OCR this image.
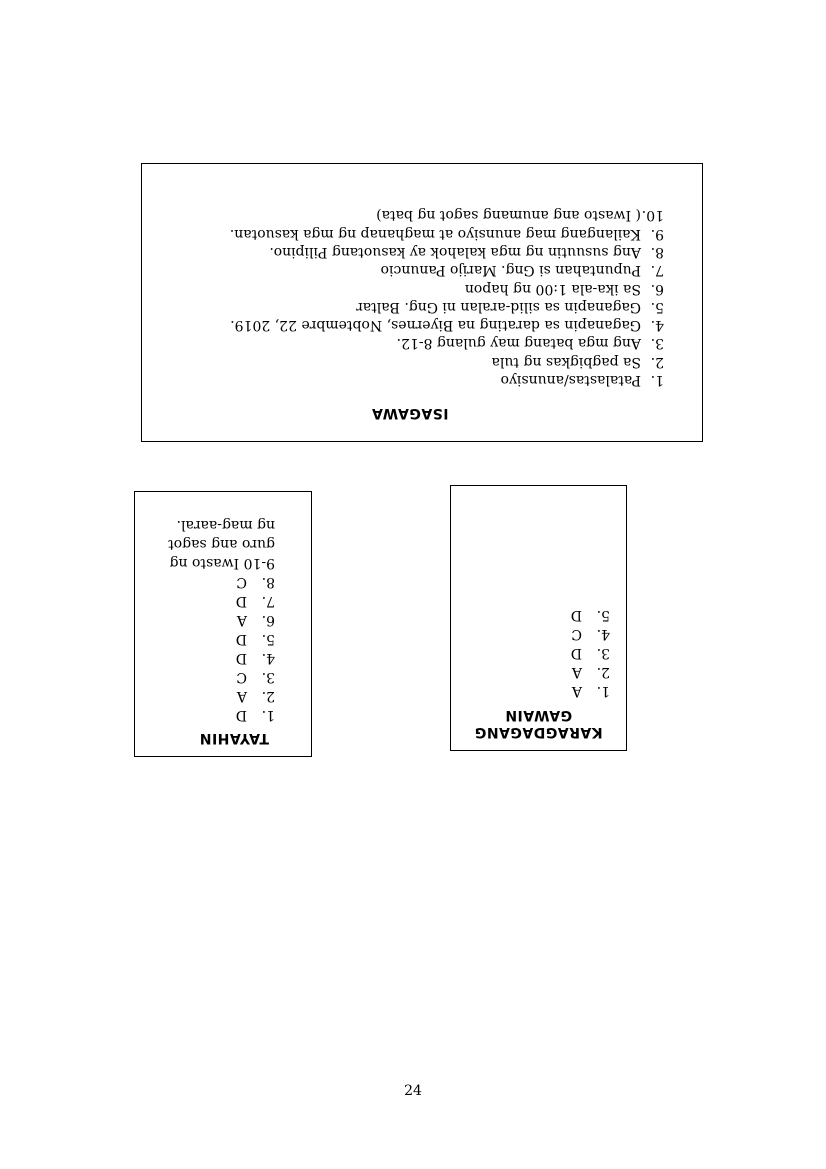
ISAGAWA
1.
Patalastas/anunsiyo
2.
Sa pagbigkas ng tula
3.
Ang mga batang may gulang 8-12.
4.
Gaganapin sa darating na Biyernes, Nobtembre 22, 2019.
5.
Gaganapin sa silid-aralan ni Gng. Baltar
6.
Sa ika-ala 1:00 ng hapon
7.
Pupuntahan si Gng. Marijo Panuncio
8.
Ang susuutin ng mga kalahok ay kasuotang Pilipino.
9.
Kailangang mag anunsiyo at maghanap ng mga kasuotan.
10.
( Iwasto ang anumang sagot ng bata)
KARAGDAGANG
GAWAIN
1.
A
2.
A
3.
D
4.
C
5.
D
TAYAHIN
1.
D
2.
A
3.
C
4.
D
5.
D
6.
A
7.
D
8.
C
9-10 Iwasto ng guro ang sagot ng mag-aaral.
24
